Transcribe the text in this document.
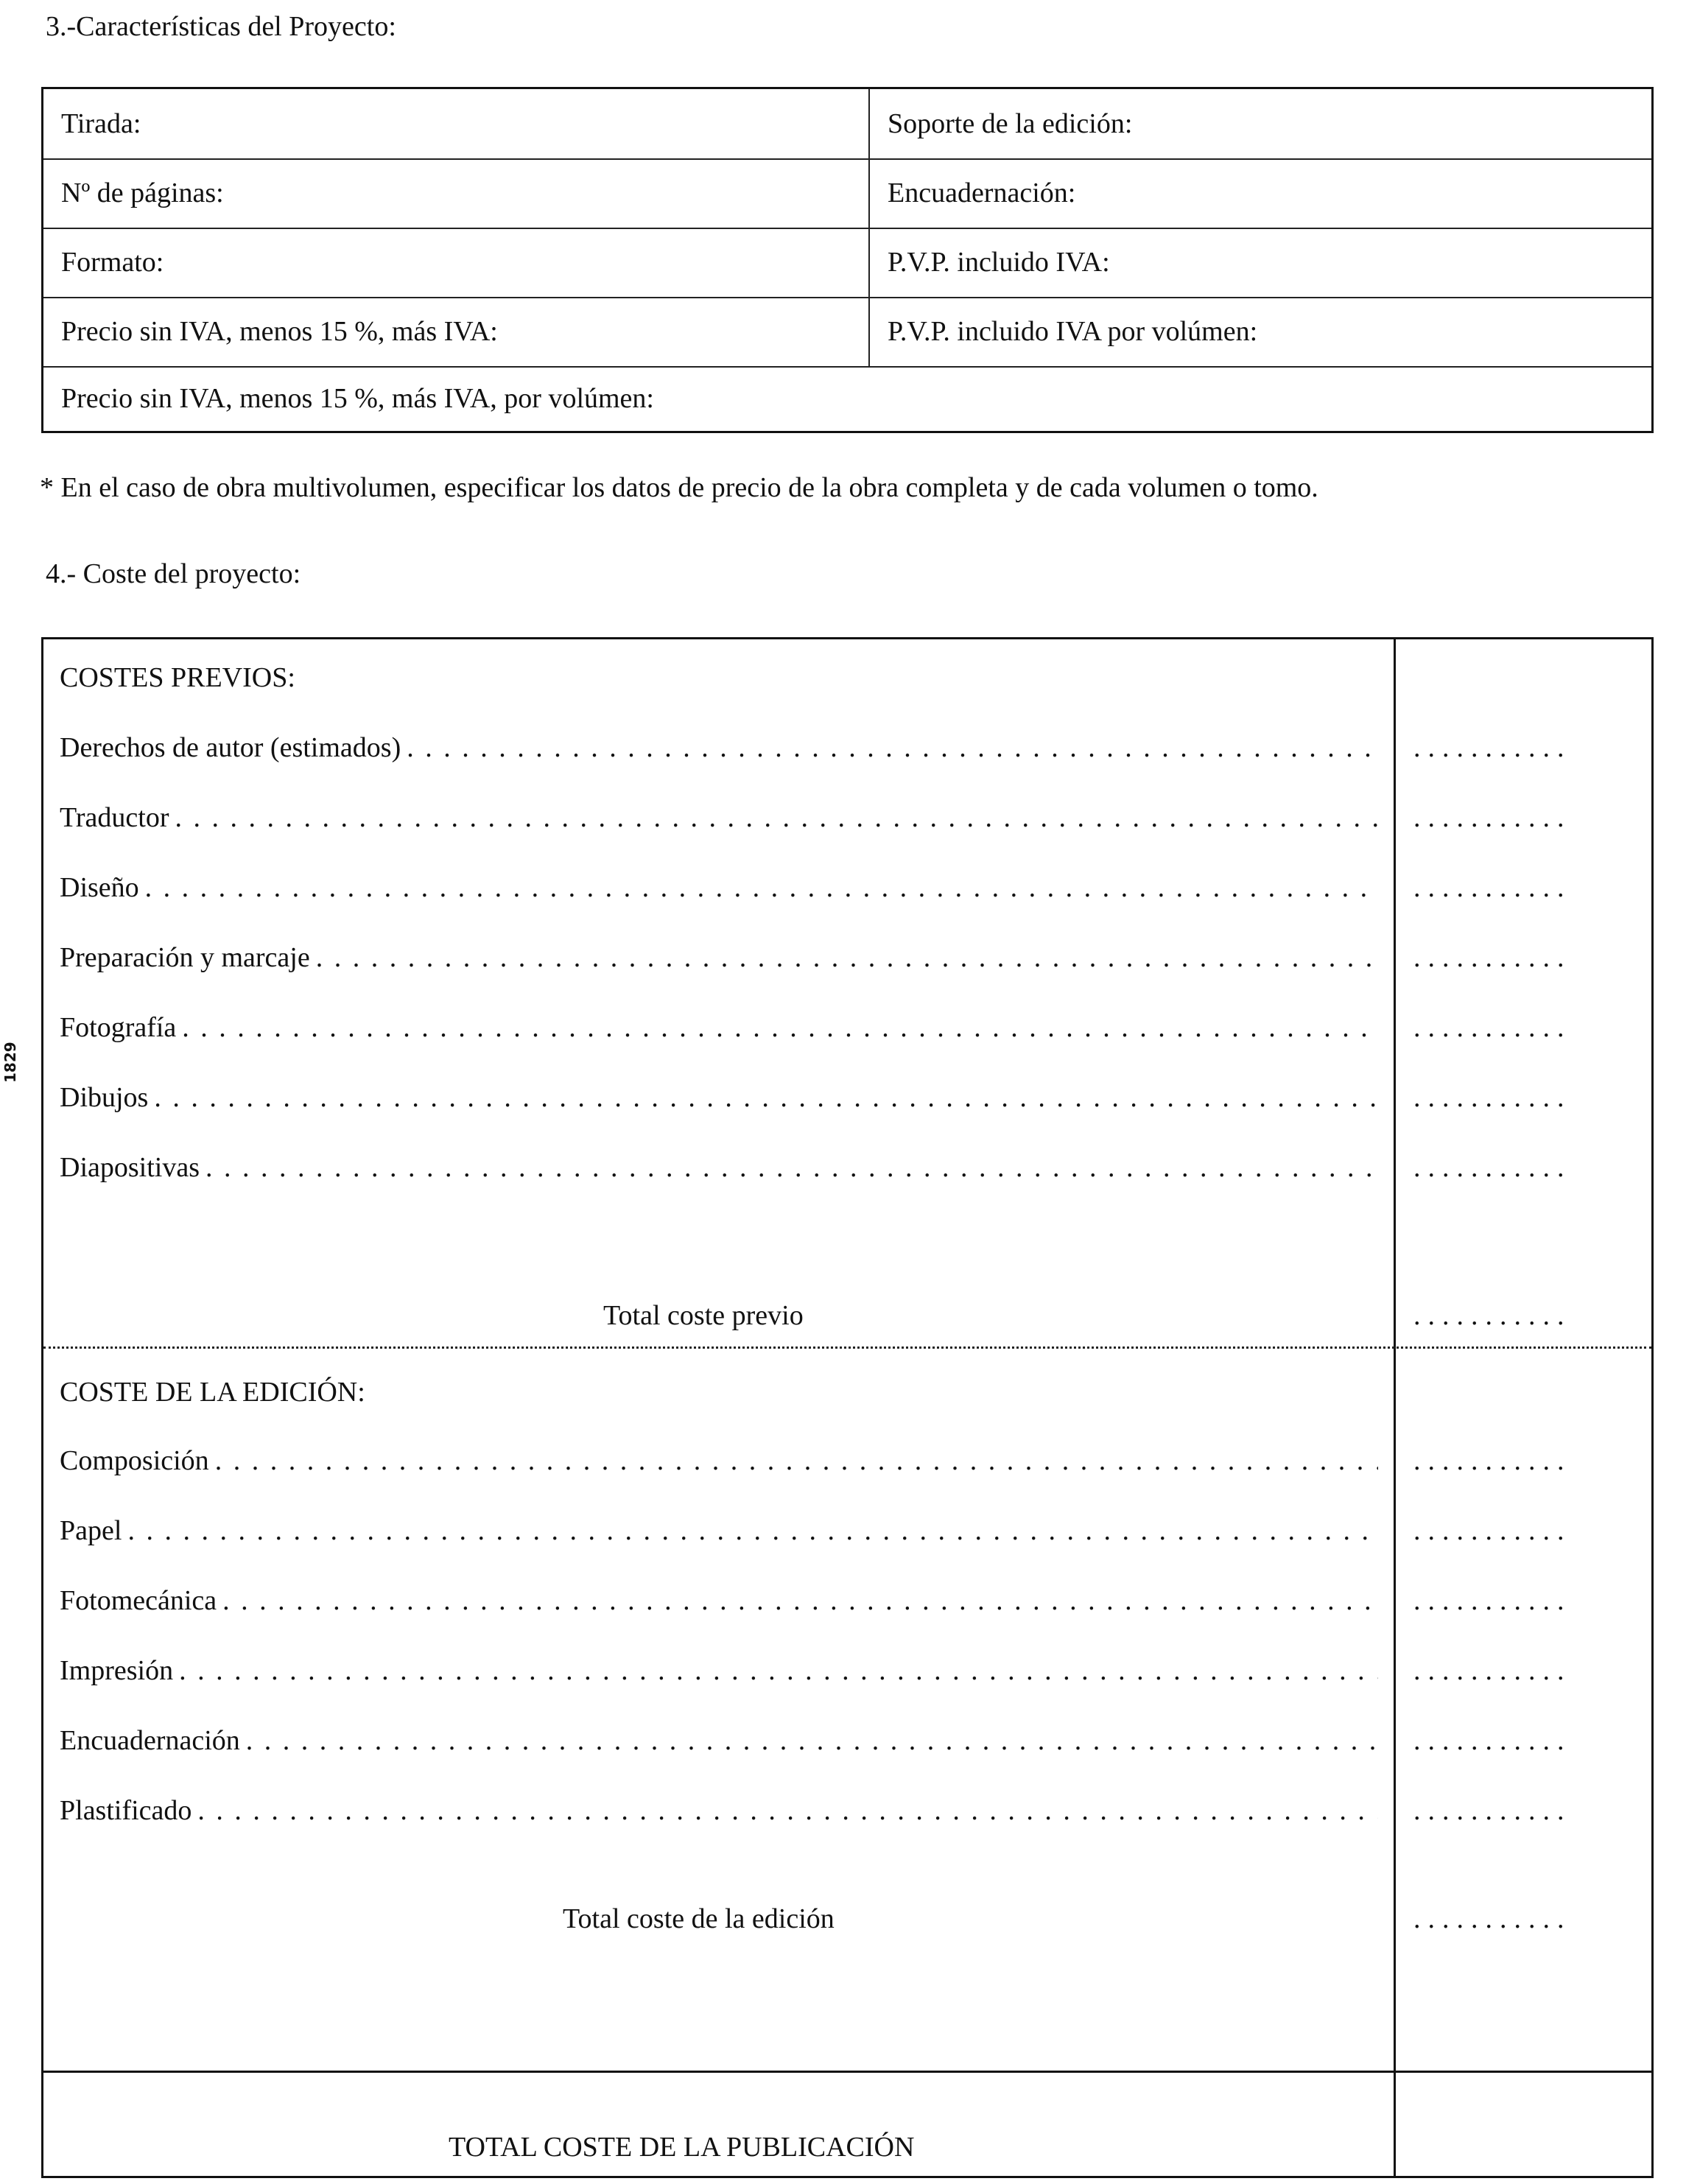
3.-Características del Proyecto:
Tirada:	Soporte de la edición:
Nº de páginas:	Encuadernación:
Formato:	P.V.P. incluido IVA:
Precio sin IVA, menos 15 %, más IVA:	P.V.P. incluido IVA por volúmen:
Precio sin IVA, menos 15 %, más IVA, por volúmen:
* En el caso de obra multivolumen, especificar los datos de precio de la obra completa y de cada volumen o tomo.
4.- Coste del proyecto:
COSTES PREVIOS:
Derechos de autor (estimados) . . .	...........
Traductor . . .	...........
Diseño . . .	...........
Preparación y marcaje . . .	...........
Fotografía . . .	...........
Dibujos . . .	...........
Diapositivas . . .	...........
Total coste previo	...........
COSTE DE LA EDICIÓN:
Composición . . .	...........
Papel . . .	...........
Fotomecánica . . .	...........
Impresión . . .	...........
Encuadernación . . .	...........
Plastificado . . .	...........
Total coste de la edición	...........
TOTAL COSTE DE LA PUBLICACIÓN
1829
